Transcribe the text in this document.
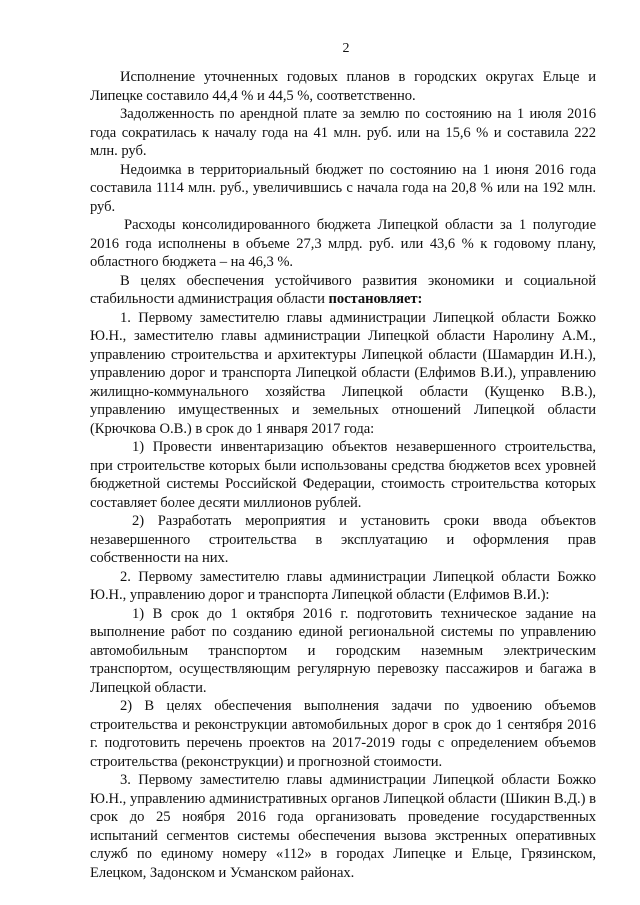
2

Исполнение уточненных годовых планов в городских округах Ельце и Липецке составило 44,4 % и 44,5 %, соответственно.

Задолженность по арендной плате за землю по состоянию на 1 июля 2016 года сократилась к началу года на 41 млн. руб. или на 15,6 % и составила 222 млн. руб.

Недоимка в территориальный бюджет по состоянию на 1 июня 2016 года составила 1114 млн. руб., увеличившись с начала года на 20,8 % или на 192 млн. руб.

Расходы консолидированного бюджета Липецкой области за 1 полугодие 2016 года исполнены в объеме 27,3 млрд. руб. или 43,6 % к годовому плану, областного бюджета – на 46,3 %.

В целях обеспечения устойчивого развития экономики и социальной стабильности администрация области постановляет:

1. Первому заместителю главы администрации Липецкой области Божко Ю.Н., заместителю главы администрации Липецкой области Наролину А.М., управлению строительства и архитектуры Липецкой области (Шамардин И.Н.), управлению дорог и транспорта Липецкой области (Елфимов В.И.), управлению жилищно-коммунального хозяйства Липецкой области (Кущенко В.В.), управлению имущественных и земельных отношений Липецкой области (Крючкова О.В.) в срок до 1 января 2017 года:

1) Провести инвентаризацию объектов незавершенного строительства, при строительстве которых были использованы средства бюджетов всех уровней бюджетной системы Российской Федерации, стоимость строительства которых составляет более десяти миллионов рублей.

2) Разработать мероприятия и установить сроки ввода объектов незавершенного строительства в эксплуатацию и оформления прав собственности на них.

2. Первому заместителю главы администрации Липецкой области Божко Ю.Н., управлению дорог и транспорта Липецкой области (Елфимов В.И.):

1) В срок до 1 октября 2016 г. подготовить техническое задание на выполнение работ по созданию единой региональной системы по управлению автомобильным транспортом и городским наземным электрическим транспортом, осуществляющим регулярную перевозку пассажиров и багажа в Липецкой области.

2) В целях обеспечения выполнения задачи по удвоению объемов строительства и реконструкции автомобильных дорог в срок до 1 сентября 2016 г. подготовить перечень проектов на 2017-2019 годы с определением объемов строительства (реконструкции) и прогнозной стоимости.

3. Первому заместителю главы администрации Липецкой области Божко Ю.Н., управлению административных органов Липецкой области (Шикин В.Д.) в срок до 25 ноября 2016 года организовать проведение государственных испытаний сегментов системы обеспечения вызова экстренных оперативных служб по единому номеру «112» в городах Липецке и Ельце, Грязинском, Елецком, Задонском и Усманском районах.
